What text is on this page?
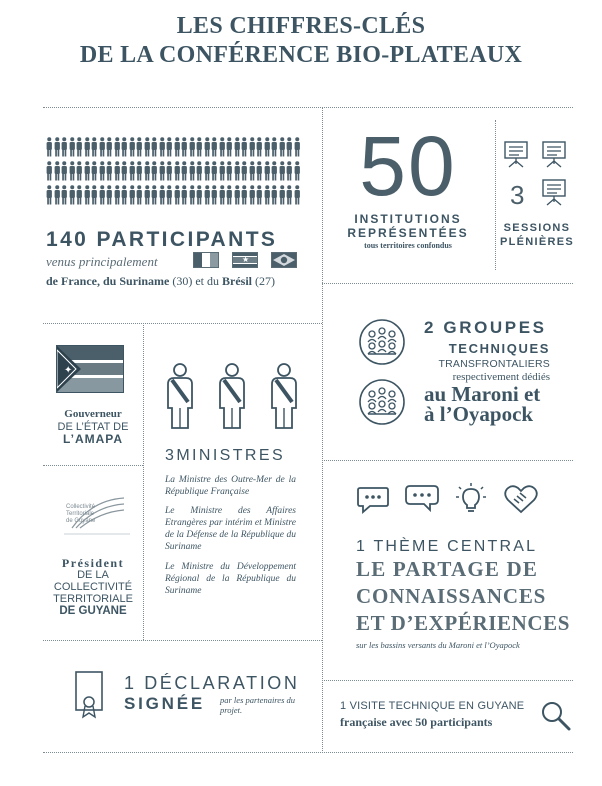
LES CHIFFRES-CLÉS
DE LA CONFÉRENCE BIO-PLATEAUX
140 PARTICIPANTS
venus principalement	★
de France, du Suriname (30) et du Brésil (27)
50
INSTITUTIONS
REPRÉSENTÉES
tous territoires confondus
3
SESSIONS
PLÉNIÈRES
2 GROUPES
TECHNIQUES
TRANSFRONTALIERS
respectivement dédiés
au Maroni et
à l’Oyapock
✦
Gouverneur
DE L’ÉTAT DE
L’AMAPA
3MINISTRES
La Ministre des Outre-Mer de la République Française
Le Ministre des Affaires Etrangères par intérim et Ministre de la Défense de la République du Suriname
Le Ministre du Développement Régional de la République du Suriname
Collectivité
Territoriale
de Guyane
Président
DE LA
COLLECTIVITÉ
TERRITORIALE
DE GUYANE
1 THÈME CENTRAL
LE PARTAGE DE
CONNAISSANCES
ET D’EXPÉRIENCES
sur les bassins versants du Maroni et l’Oyapock
1 DÉCLARATION
SIGNÉE par les partenaires du projet.	1 VISITE TECHNIQUE EN GUYANE
française avec 50 participants
